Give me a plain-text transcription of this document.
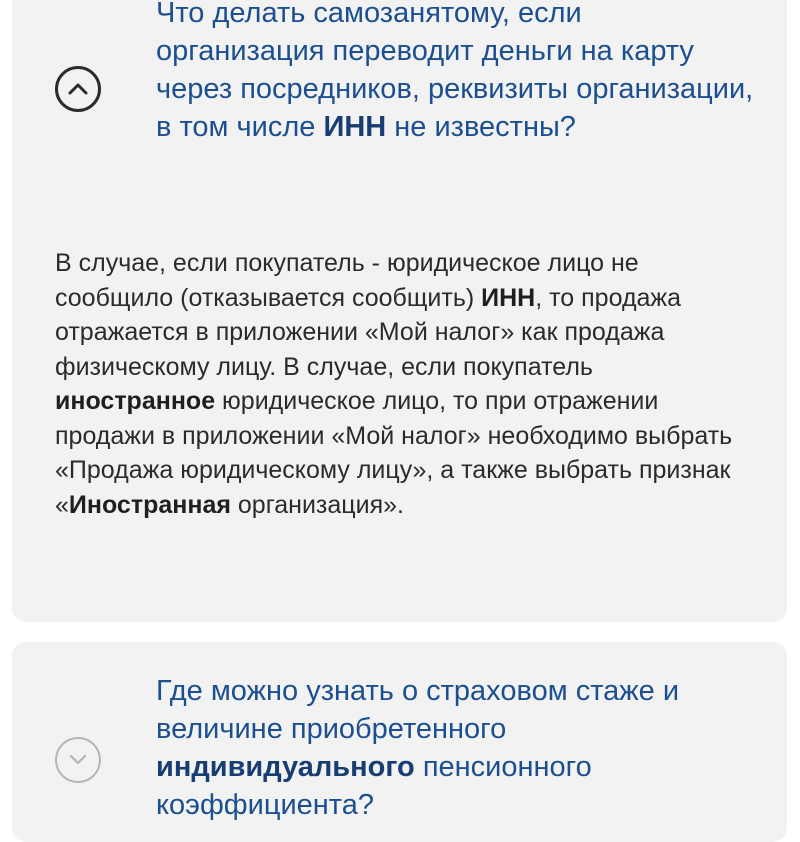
Что делать самозанятому, если организация переводит деньги на карту через посредников, реквизиты организации, в том числе ИНН не известны?

В случае, если покупатель - юридическое лицо не сообщило (отказывается сообщить) ИНН, то продажа отражается в приложении «Мой налог» как продажа физическому лицу. В случае, если покупатель иностранное юридическое лицо, то при отражении продажи в приложении «Мой налог» необходимо выбрать «Продажа юридическому лицу», а также выбрать признак «Иностранная организация».

Где можно узнать о страховом стаже и величине приобретенного индивидуального пенсионного коэффициента?
